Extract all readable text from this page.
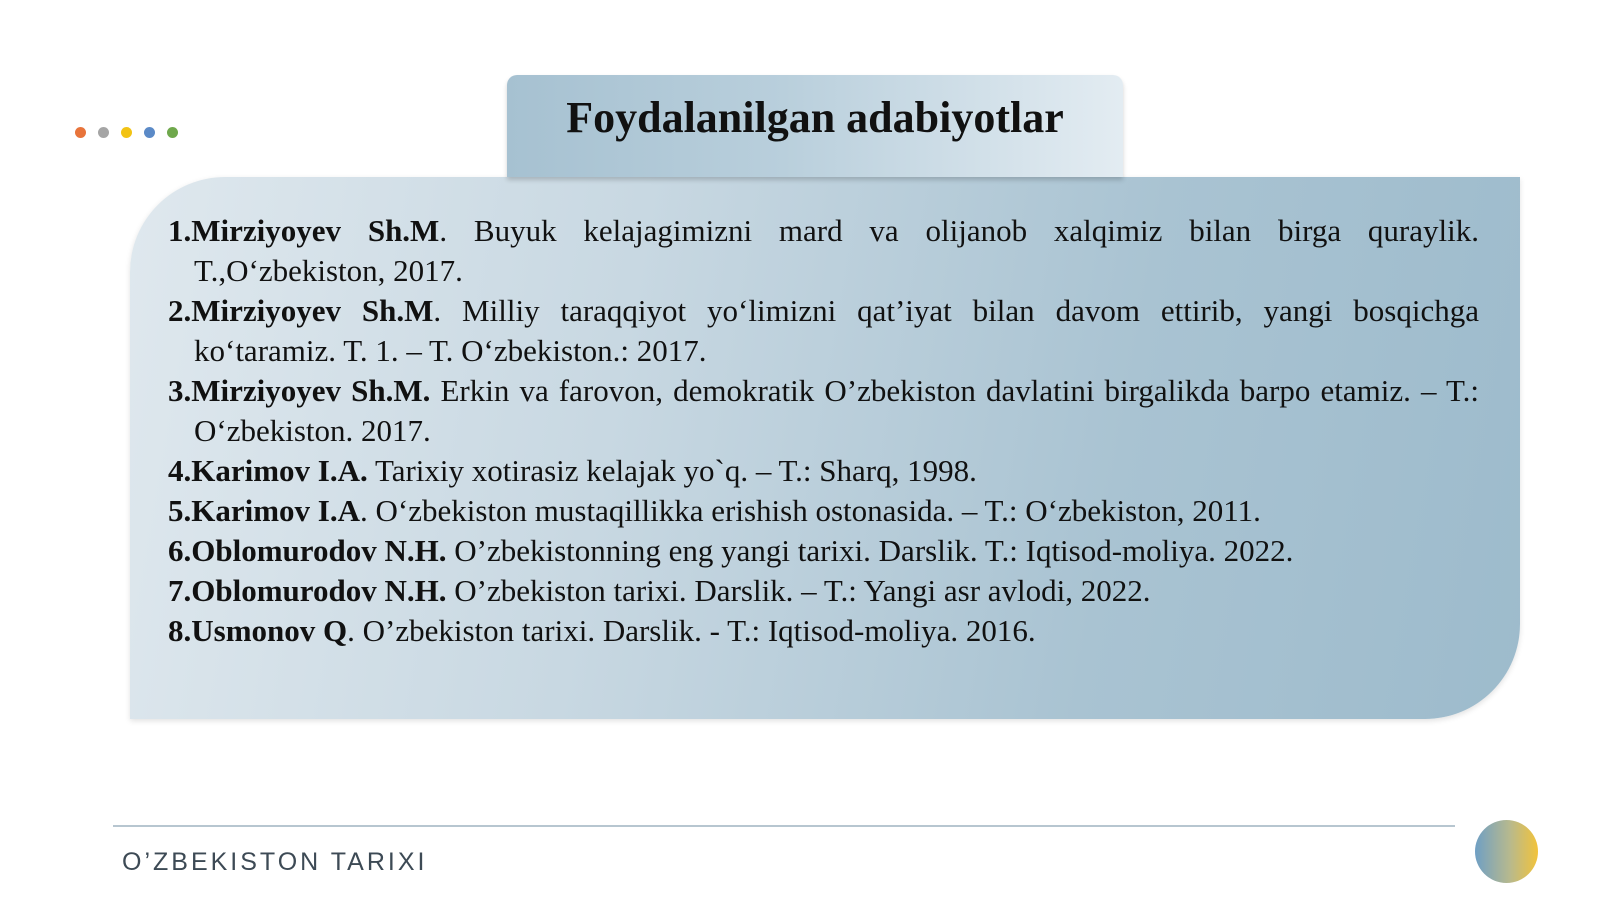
Foydalanilgan adabiyotlar
1.Mirziyoyev Sh.M. Buyuk kelajagimizni mard va olijanob xalqimiz bilan birga quraylik. T.,O‘zbekiston, 2017.
2.Mirziyoyev Sh.M. Milliy taraqqiyot yo‘limizni qat’iyat bilan davom ettirib, yangi bosqichga ko‘taramiz. T. 1. – T. O‘zbekiston.: 2017.
3.Mirziyoyev Sh.M. Erkin va farovon, demokratik O’zbekiston davlatini birgalikda barpo etamiz. – T.: O‘zbekiston. 2017.
4.Karimov I.A. Tarixiy xotirasiz kelajak yo`q. – T.: Sharq, 1998.
5.Karimov I.A. O‘zbekiston mustaqillikka erishish ostonasida. – T.: O‘zbekiston, 2011.
6.Oblomurodov N.H. O’zbekistonning eng yangi tarixi. Darslik. T.: Iqtisod-moliya. 2022.
7.Oblomurodov N.H. O’zbekiston tarixi. Darslik. – T.: Yangi asr avlodi, 2022.
8.Usmonov Q. O’zbekiston tarixi. Darslik. - T.: Iqtisod-moliya. 2016.
O’ZBEKISTON TARIXI
